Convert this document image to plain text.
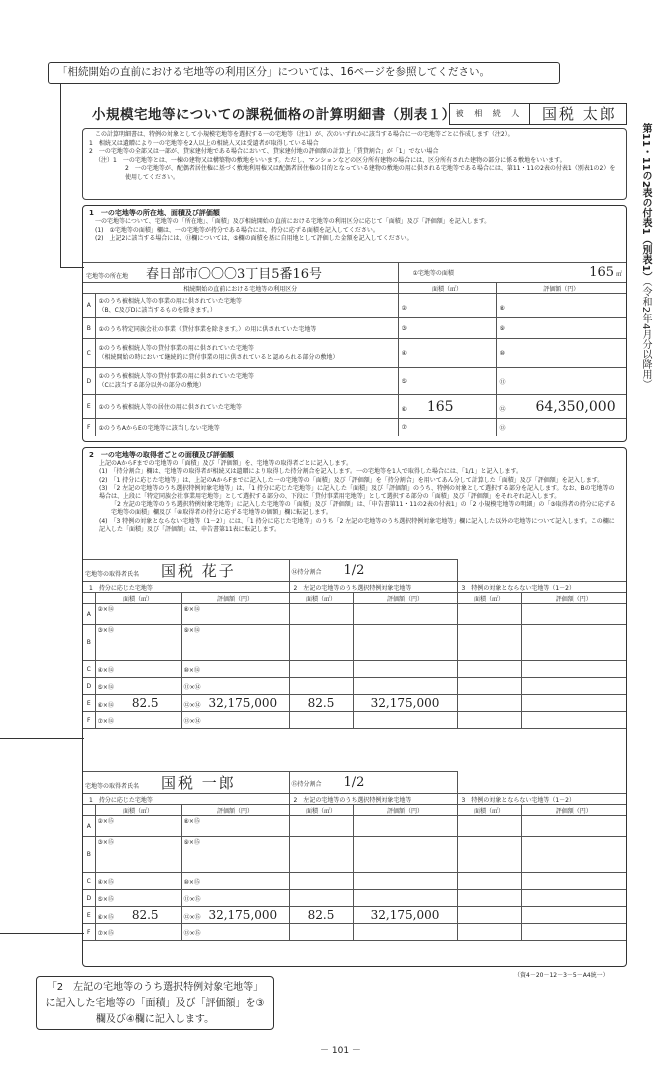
「相続開始の直前における宅地等の利用区分」については、16ページを参照してください。
小規模宅地等についての課税価格の計算明細書（別表１） 被 相 続 人	国税 太郎
第11・11の2表の付表1（別表1）（令和2年4月分以降用）
この計算明細書は、特例の対象として小規模宅地等を選択する一の宅地等（注1）が、次のいずれかに該当する場合に一の宅地等ごとに作成します（注2）。
1　相続又は遺贈により一の宅地等を2人以上の相続人又は受遺者が取得している場合
2　一の宅地等の全部又は一部が、貸家建付地である場合において、貸家建付地の評価額の計算上「賃貸割合」が「1」でない場合
（注）1　一の宅地等とは、一棟の建物又は構築物の敷地をいいます。ただし、マンションなどの区分所有建物の場合には、区分所有された建物の部分に係る敷地をいいます。
2　一の宅地等が、配偶者居住権に基づく敷地利用権又は配偶者居住権の目的となっている建物の敷地の用に供される宅地等である場合には、第11・11の2表の付表1（別表1の2）を使用してください。
1　一の宅地等の所在地、面積及び評価額
一の宅地等について、宅地等の「所在地」、「面積」及び相続開始の直前における宅地等の利用区分に応じて「面積」及び「評価額」を記入します。
(1)　①宅地等の面積」欄は、一の宅地等が持分である場合には、持分に応ずる面積を記入してください。
(2)　上記2に該当する場合には、⑪欄については、⑤欄の面積を基に自用地として評価した金額を記入してください。
宅地等の所在地 春日部市〇〇〇3丁目5番16号		①宅地等の面積 165 ㎡	

相続開始の直前における宅地等の利用区分		面積（㎡）	評価額（円）
A	①のうち被相続人等の事業の用に供されていた宅地等
（B、C及びDに該当するものを除きます。）	②	⑧
B	①のうち特定同族会社の事業（貸付事業を除きます。）の用に供されていた宅地等	③	⑨
C	①のうち被相続人等の貸付事業の用に供されていた宅地等
（相続開始の時において継続的に貸付事業の用に供されていると認められる部分の敷地）	④	⑩
D	①のうち被相続人等の貸付事業の用に供されていた宅地等
（Cに該当する部分以外の部分の敷地）	⑤	⑪
E	①のうち被相続人等の居住の用に供されていた宅地等	⑥ 165	⑫ 64,350,000
F	①のうちAからEの宅地等に該当しない宅地等	⑦	⑬
2　一の宅地等の取得者ごとの面積及び評価額
上記のAからFまでの宅地等の「面積」及び「評価額」を、宅地等の取得者ごとに記入します。
(1)　「持分割合」欄は、宅地等の取得者が相続又は遺贈により取得した持分割合を記入します。一の宅地等を1人で取得した場合には、「1/1」と記入します。
(2)　「1 持分に応じた宅地等」は、上記のAからFまでに記入した一の宅地等の「面積」及び「評価額」を「持分割合」を用いてあん分して計算した「面積」及び「評価額」を記入します。
(3)　「2 左記の宅地等のうち選択特例対象宅地等」は、「1 持分に応じた宅地等」に記入した「面積」及び「評価額」のうち、特例の対象として選択する部分を記入します。なお、Bの宅地等の場合は、上段に「特定同族会社事業用宅地等」として選択する部分の、下段に「貸付事業用宅地等」として選択する部分の「面積」及び「評価額」をそれぞれ記入します。
「2 左記の宅地等のうち選択特例対象宅地等」に記入した宅地等の「面積」及び「評価額」は、「申告書第11・11の2表の付表1」の「2 小規模宅地等の明細」の「③取得者の持分に応ずる宅地等の面積」欄及び「④取得者の持分に応ずる宅地等の価額」欄に転記します。
(4)　「3 特例の対象とならない宅地等（1－2）」には、「1 持分に応じた宅地等」のうち「2 左記の宅地等のうち選択特例対象宅地等」欄に記入した以外の宅地等について記入します。この欄に記入した「面積」及び「評価額」は、申告書第11表に転記します。
宅地等の取得者氏名 国税 花子			⑭持分割合 1/2			
1　持分に応じた宅地等			2　左記の宅地等のうち選択特例対象宅地等		3　特例の対象とならない宅地等（1－2）	
	面積（㎡）	評価額（円）	面積（㎡）	評価額（円）	面積（㎡）	評価額（円）
A	②×⑭	⑧×⑭				
B	③×⑭	⑨×⑭				
C	④×⑭	⑩×⑭				
D	⑤×⑭	⑪×⑭				
E	⑥×⑭ 82.5	⑫×⑭ 32,175,000	82.5	32,175,000		
F	⑦×⑭	⑬×⑭				
宅地等の取得者氏名 国税 一郎			⑮持分割合 1/2			
1　持分に応じた宅地等			2　左記の宅地等のうち選択特例対象宅地等		3　特例の対象とならない宅地等（1－2）	
	面積（㎡）	評価額（円）	面積（㎡）	評価額（円）	面積（㎡）	評価額（円）
A	②×⑮	⑧×⑮				
B	③×⑮	⑨×⑮				
C	④×⑮	⑩×⑮				
D	⑤×⑮	⑪×⑮				
E	⑥×⑮ 82.5	⑫×⑮ 32,175,000	82.5	32,175,000		
F	⑦×⑮	⑬×⑮				
「2　左記の宅地等のうち選択特例対象宅地等」に記入した宅地等の「面積」及び「評価額」を③欄及び④欄に記入します。
（資4－20－12－3－5－A4統一）
－ 101 －
